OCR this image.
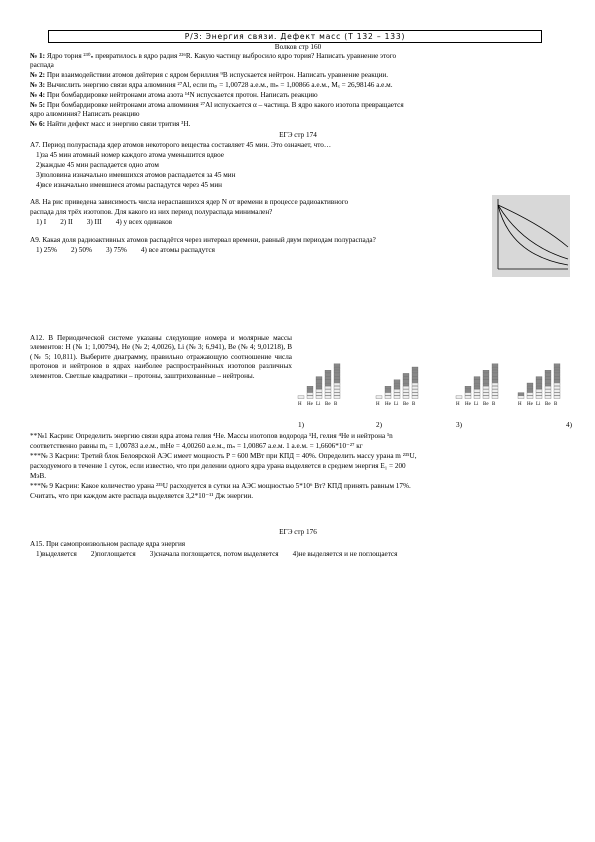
Р/З: Энергия связи. Дефект масс (Т 132 – 133)
Волков стр 160
№ 1: Ядро тория ²³⁰ₙ превратилось в ядро радия ²²⁶R. Какую частицу выбросило ядро тория? Написать уравнение этого
распада
№ 2: При взаимодействии атомов дейтерия с ядром бериллия ⁹В испускается нейтрон. Написать уравнение реакции.
№ 3: Вычислить энергию связи ядра алюминия ²⁷Al, если mₚ = 1,00728 а.е.м., mₙ = 1,00866 а.е.м., Mₓ = 26,98146 а.е.м.
№ 4: При бомбардировке нейтронами атома азота ¹⁴N испускается протон. Написать реакцию
№ 5: При бомбардировке нейтронами атома алюминия ²⁷Al испускается α – частица. В ядро какого изотопа превращается
ядро алюминия? Написать реакцию
№ 6: Найти дефект масс и энергию связи трития ³H.
ЕГЭ стр 174
А7. Период полураспада ядер атомов некоторого вещества составляет 45 мин. Это означает, что…
1)за 45 мин атомный номер каждого атома уменьшится вдвое
2)каждые 45 мин распадается одно атом
3)половина изначально имевшихся атомов распадается за 45 мин
4)все изначально имевшиеся атомы распадутся через 45 мин
А8. На рис приведена зависимость числа нераспавшихся ядер N от времени в процессе радиоактивного
распада для трёх изотопов. Для какого из них период полураспада минимален?
1) I 2) II 3) III 4) у всех одинаков
А9. Какая доля радиоактивных атомов распадётся через интервал времени, равный двум периодам полураспада?
1) 25% 2) 50% 3) 75% 4) все атомы распадутся
А12. В Периодической системе указаны следующие номера и молярные массы элементов: Н (№ 1; 1,00794), He (№ 2; 4,0026), Li (№ 3; 6,941), Be (№ 4; 9,01218), В (№ 5; 10,811). Выберите диаграмму, правильно отражающую соотношение числа протонов и нейтронов в ядрах наиболее распространённых изотопов различных элементов. Светлые квадратики – протоны, заштрихованные – нейтроны.
H He Li Be B	H He Li Be B	H He Li Be B	H He Li Be B
1)	2)	3)	4)
**№1 Касрин: Определить энергию связи ядра атома гелия ⁴He. Массы изотопов водорода ¹H, гелия ⁴He и нейтрона ¹n
соответственно равны mₐ = 1,00783 а.е.м., mHe = 4,00260 а.е.м., mₙ = 1,00867 а.е.м. 1 а.е.м. = 1,6606*10⁻²⁷ кг
***№ 3 Касрин: Третий блок Белоярской АЭС имеет мощность P = 600 МВт при КПД = 40%. Определить массу урана m ²³⁵U,
расходуемого в течение 1 суток, если известно, что при делении одного ядра урана выделяется в среднем энергия E₁ = 200
МэВ.
***№ 9 Касрин: Какое количество урана ²³⁵U расходуется в сутки на АЭС мощностью 5*10⁶ Вт? КПД принять равным 17%.
Считать, что при каждом акте распада выделяется 3,2*10⁻¹¹ Дж энергии.
ЕГЭ стр 176
А15. При самопроизвольном распаде ядра энергия
1)выделяется 2)поглощается 3)сначала поглощается, потом выделяется 4)не выделяется и не поглощается
